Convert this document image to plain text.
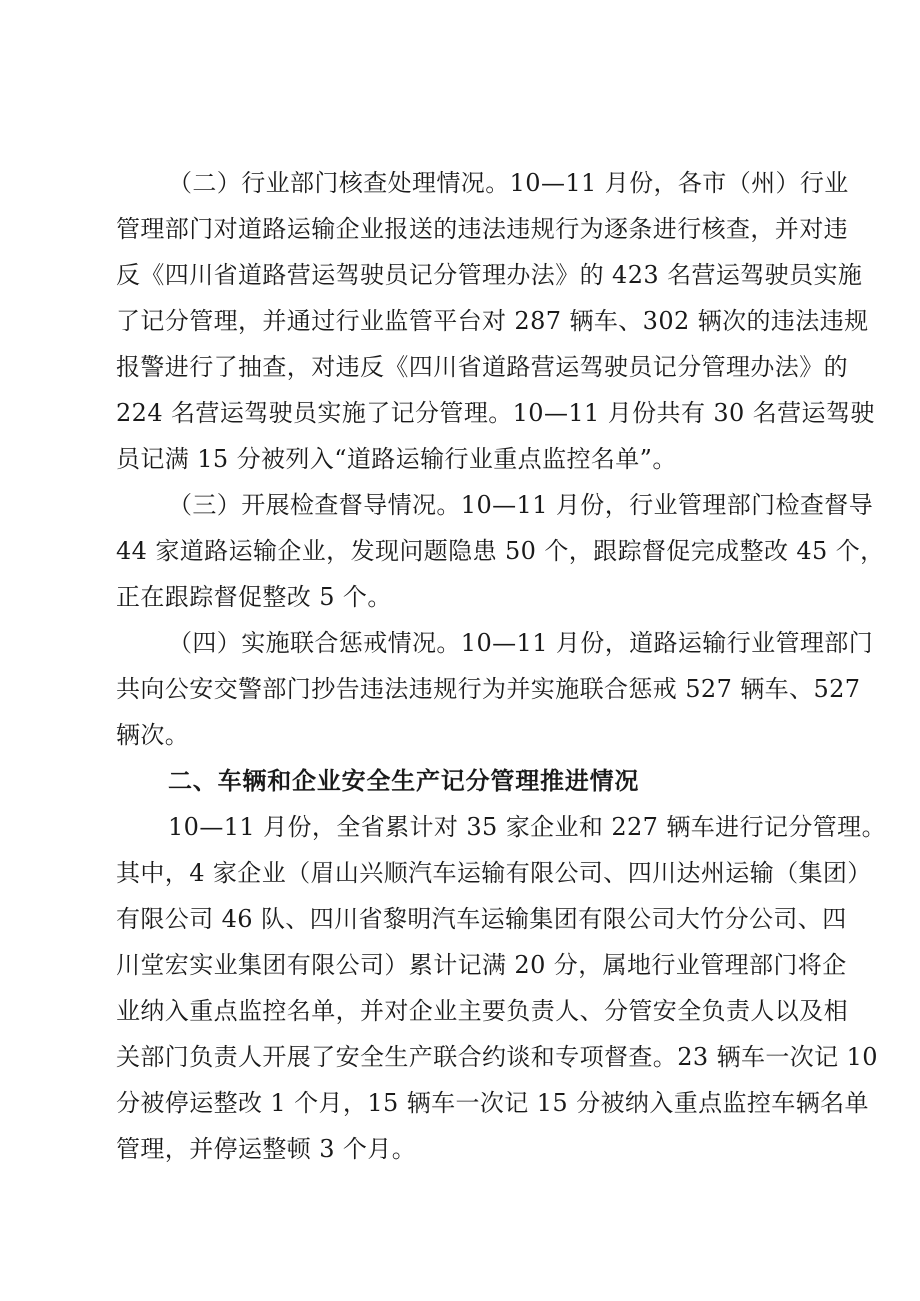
（二）行业部门核查处理情况。10—11 月份，各市（州）行业
管理部门对道路运输企业报送的违法违规行为逐条进行核查，并对违
反《四川省道路营运驾驶员记分管理办法》的 423 名营运驾驶员实施
了记分管理，并通过行业监管平台对 287 辆车、302 辆次的违法违规
报警进行了抽查，对违反《四川省道路营运驾驶员记分管理办法》的
224 名营运驾驶员实施了记分管理。10—11 月份共有 30 名营运驾驶
员记满 15 分被列入“道路运输行业重点监控名单”。
（三）开展检查督导情况。10—11 月份，行业管理部门检查督导
44 家道路运输企业，发现问题隐患 50 个，跟踪督促完成整改 45 个，
正在跟踪督促整改 5 个。
（四）实施联合惩戒情况。10—11 月份，道路运输行业管理部门
共向公安交警部门抄告违法违规行为并实施联合惩戒 527 辆车、527
辆次。
二、车辆和企业安全生产记分管理推进情况
10—11 月份，全省累计对 35 家企业和 227 辆车进行记分管理。
其中，4 家企业（眉山兴顺汽车运输有限公司、四川达州运输（集团）
有限公司 46 队、四川省黎明汽车运输集团有限公司大竹分公司、四
川堂宏实业集团有限公司）累计记满 20 分，属地行业管理部门将企
业纳入重点监控名单，并对企业主要负责人、分管安全负责人以及相
关部门负责人开展了安全生产联合约谈和专项督查。23 辆车一次记 10
分被停运整改 1 个月，15 辆车一次记 15 分被纳入重点监控车辆名单
管理，并停运整顿 3 个月。
